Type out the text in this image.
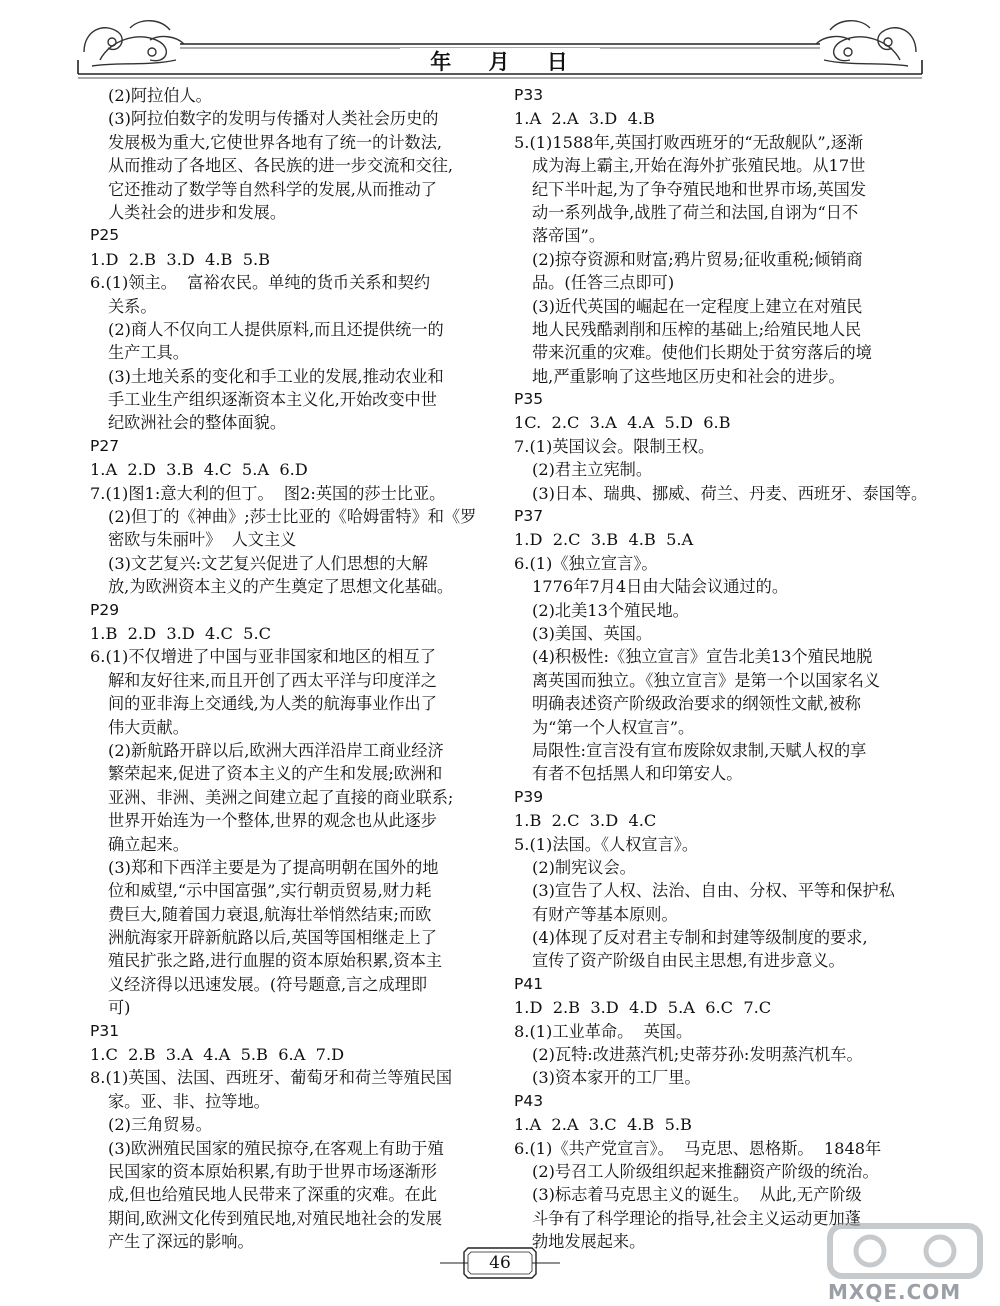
年 月 日
(2)阿拉伯人。
(3)阿拉伯数字的发明与传播对人类社会历史的
发展极为重大,它使世界各地有了统一的计数法,
从而推动了各地区、各民族的进一步交流和交往,
它还推动了数学等自然科学的发展,从而推动了
人类社会的进步和发展。
P25
1.D  2.B  3.D  4.B  5.B
6.(1)领主。  富裕农民。单纯的货币关系和契约
关系。
(2)商人不仅向工人提供原料,而且还提供统一的
生产工具。
(3)土地关系的变化和手工业的发展,推动农业和
手工业生产组织逐渐资本主义化,开始改变中世
纪欧洲社会的整体面貌。
P27
1.A  2.D  3.B  4.C  5.A  6.D
7.(1)图1:意大利的但丁。  图2:英国的莎士比亚。
(2)但丁的《神曲》;莎士比亚的《哈姆雷特》和《罗
密欧与朱丽叶》  人文主义
(3)文艺复兴:文艺复兴促进了人们思想的大解
放,为欧洲资本主义的产生奠定了思想文化基础。
P29
1.B  2.D  3.D  4.C  5.C
6.(1)不仅增进了中国与亚非国家和地区的相互了
解和友好往来,而且开创了西太平洋与印度洋之
间的亚非海上交通线,为人类的航海事业作出了
伟大贡献。
(2)新航路开辟以后,欧洲大西洋沿岸工商业经济
繁荣起来,促进了资本主义的产生和发展;欧洲和
亚洲、非洲、美洲之间建立起了直接的商业联系;
世界开始连为一个整体,世界的观念也从此逐步
确立起来。
(3)郑和下西洋主要是为了提高明朝在国外的地
位和威望,“示中国富强”,实行朝贡贸易,财力耗
费巨大,随着国力衰退,航海壮举悄然结束;而欧
洲航海家开辟新航路以后,英国等国相继走上了
殖民扩张之路,进行血腥的资本原始积累,资本主
义经济得以迅速发展。(符号题意,言之成理即
可)
P31
1.C  2.B  3.A  4.A  5.B  6.A  7.D
8.(1)英国、法国、西班牙、葡萄牙和荷兰等殖民国
家。亚、非、拉等地。
(2)三角贸易。
(3)欧洲殖民国家的殖民掠夺,在客观上有助于殖
民国家的资本原始积累,有助于世界市场逐渐形
成,但也给殖民地人民带来了深重的灾难。在此
期间,欧洲文化传到殖民地,对殖民地社会的发展
产生了深远的影响。
P33
1.A  2.A  3.D  4.B
5.(1)1588年,英国打败西班牙的“无敌舰队”,逐渐
成为海上霸主,开始在海外扩张殖民地。从17世
纪下半叶起,为了争夺殖民地和世界市场,英国发
动一系列战争,战胜了荷兰和法国,自诩为“日不
落帝国”。
(2)掠夺资源和财富;鸦片贸易;征收重税;倾销商
品。(任答三点即可)
(3)近代英国的崛起在一定程度上建立在对殖民
地人民残酷剥削和压榨的基础上;给殖民地人民
带来沉重的灾难。使他们长期处于贫穷落后的境
地,严重影响了这些地区历史和社会的进步。
P35
1C.  2.C  3.A  4.A  5.D  6.B
7.(1)英国议会。限制王权。
(2)君主立宪制。
(3)日本、瑞典、挪威、荷兰、丹麦、西班牙、泰国等。
P37
1.D  2.C  3.B  4.B  5.A
6.(1)《独立宣言》。
1776年7月4日由大陆会议通过的。
(2)北美13个殖民地。
(3)美国、英国。
(4)积极性:《独立宣言》宣告北美13个殖民地脱
离英国而独立。《独立宣言》是第一个以国家名义
明确表述资产阶级政治要求的纲领性文献,被称
为“第一个人权宣言”。
局限性:宣言没有宣布废除奴隶制,天赋人权的享
有者不包括黑人和印第安人。
P39
1.B  2.C  3.D  4.C
5.(1)法国。《人权宣言》。
(2)制宪议会。
(3)宣告了人权、法治、自由、分权、平等和保护私
有财产等基本原则。
(4)体现了反对君主专制和封建等级制度的要求,
宣传了资产阶级自由民主思想,有进步意义。
P41
1.D  2.B  3.D  4.D  5.A  6.C  7.C
8.(1)工业革命。  英国。
(2)瓦特:改进蒸汽机;史蒂芬孙:发明蒸汽机车。
(3)资本家开的工厂里。
P43
1.A  2.A  3.C  4.B  5.B
6.(1)《共产党宣言》。  马克思、恩格斯。  1848年
(2)号召工人阶级组织起来推翻资产阶级的统治。
(3)标志着马克思主义的诞生。  从此,无产阶级
斗争有了科学理论的指导,社会主义运动更加蓬
勃地发展起来。
46
MXQE.COM
